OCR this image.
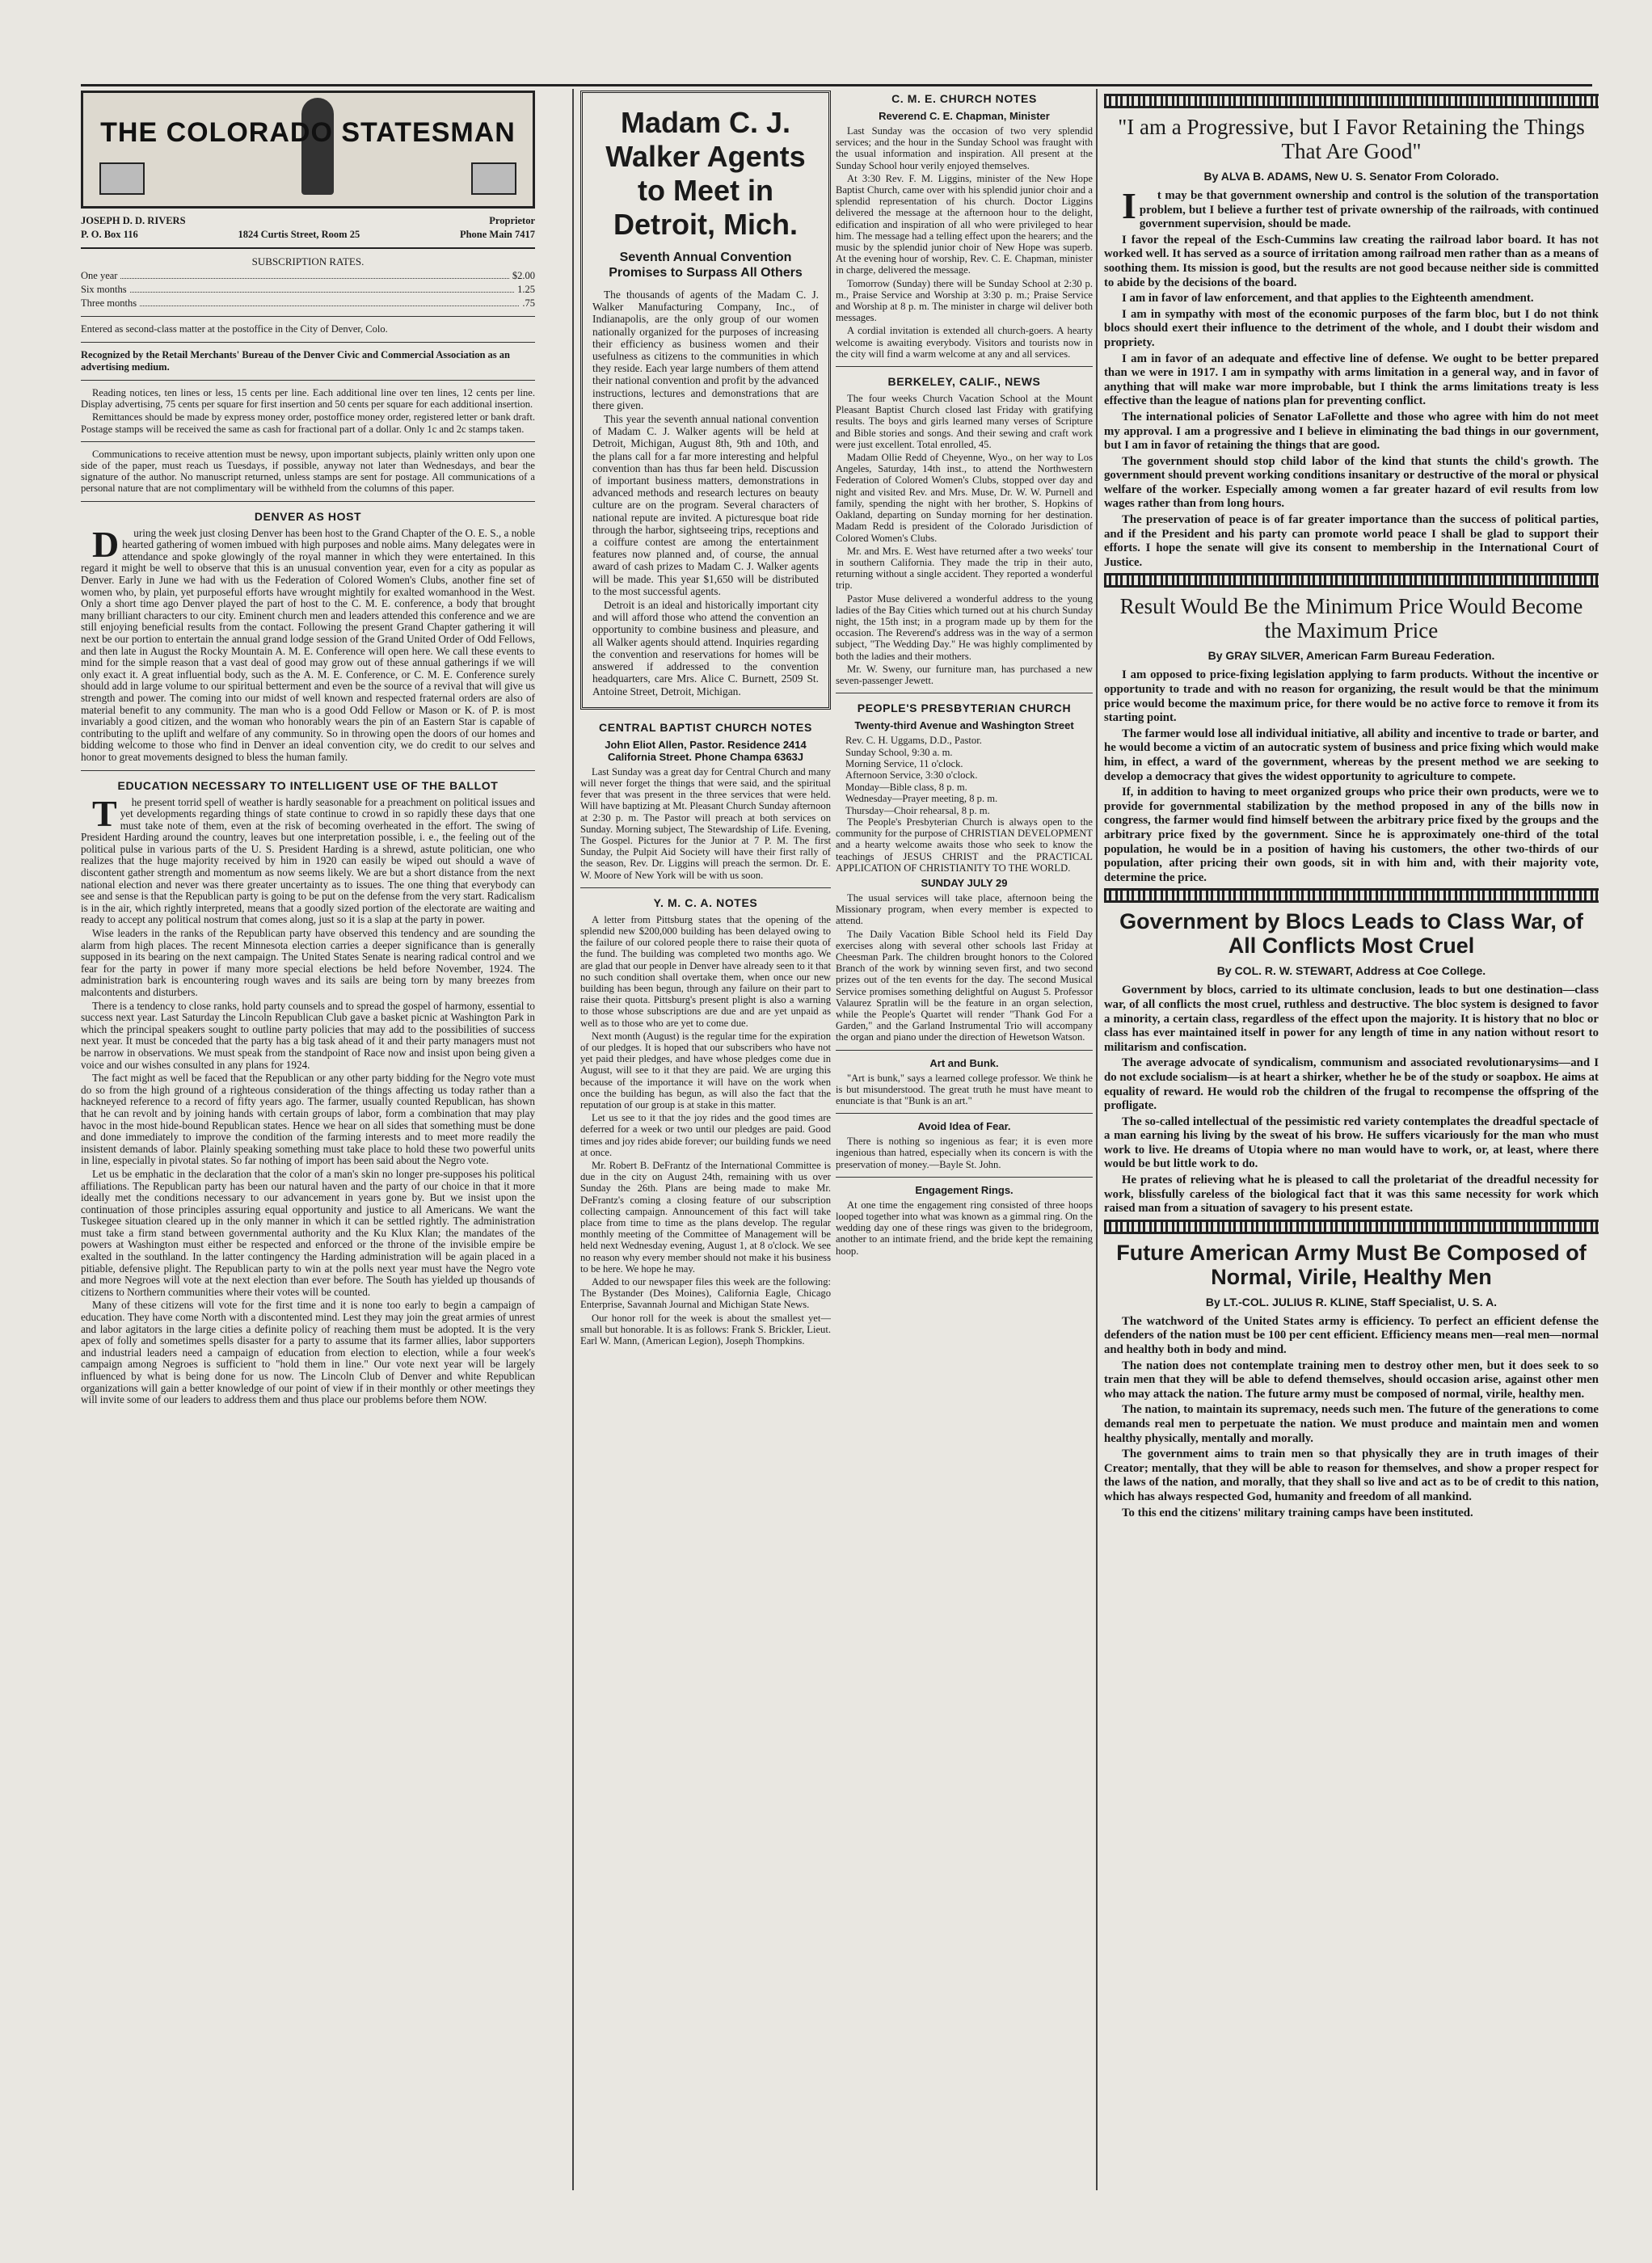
THE COLORADO STATESMAN
JOSEPH D. D. RIVERS	Proprietor
P. O. Box 116	1824 Curtis Street, Room 25	Phone Main 7417
SUBSCRIPTION RATES.
One year	$2.00
Six months	1.25
Three months	.75
Entered as second-class matter at the postoffice in the City of Denver, Colo.
Recognized by the Retail Merchants' Bureau of the Denver Civic and Commercial Association as an advertising medium.

Reading notices, ten lines or less, 15 cents per line. Each additional line over ten lines, 12 cents per line. Display advertising, 75 cents per square for first insertion and 50 cents per square for each additional insertion.

Remittances should be made by express money order, postoffice money order, registered letter or bank draft. Postage stamps will be received the same as cash for fractional part of a dollar. Only 1c and 2c stamps taken.

Communications to receive attention must be newsy, upon important subjects, plainly written only upon one side of the paper, must reach us Tuesdays, if possible, anyway not later than Wednesdays, and bear the signature of the author. No manuscript returned, unless stamps are sent for postage. All communications of a personal nature that are not complimentary will be withheld from the columns of this paper.

DENVER AS HOST

During the week just closing Denver has been host to the Grand Chapter of the O. E. S., a noble hearted gathering of women imbued with high purposes and noble aims. Many delegates were in attendance and spoke glowingly of the royal manner in which they were entertained. In this regard it might be well to observe that this is an unusual convention year, even for a city as popular as Denver. Early in June we had with us the Federation of Colored Women's Clubs, another fine set of women who, by plain, yet purposeful efforts have wrought mightily for exalted womanhood in the West. Only a short time ago Denver played the part of host to the C. M. E. conference, a body that brought many brilliant characters to our city. Eminent church men and leaders attended this conference and we are still enjoying beneficial results from the contact. Following the present Grand Chapter gathering it will next be our portion to entertain the annual grand lodge session of the Grand United Order of Odd Fellows, and then late in August the Rocky Mountain A. M. E. Conference will open here. We call these events to mind for the simple reason that a vast deal of good may grow out of these annual gatherings if we will only exact it. A great influential body, such as the A. M. E. Conference, or C. M. E. Conference surely should add in large volume to our spiritual betterment and even be the source of a revival that will give us strength and power. The coming into our midst of well known and respected fraternal orders are also of material benefit to any community. The man who is a good Odd Fellow or Mason or K. of P. is most invariably a good citizen, and the woman who honorably wears the pin of an Eastern Star is capable of contributing to the uplift and welfare of any community. So in throwing open the doors of our homes and bidding welcome to those who find in Denver an ideal convention city, we do credit to our selves and honor to great movements designed to bless the human family.

EDUCATION NECESSARY TO INTELLIGENT USE OF THE BALLOT

The present torrid spell of weather is hardly seasonable for a preachment on political issues and yet developments regarding things of state continue to crowd in so rapidly these days that one must take note of them, even at the risk of becoming overheated in the effort. The swing of President Harding around the country, leaves but one interpretation possible, i. e., the feeling out of the political pulse in various parts of the U. S. President Harding is a shrewd, astute politician, one who realizes that the huge majority received by him in 1920 can easily be wiped out should a wave of discontent gather strength and momentum as now seems likely. We are but a short distance from the next national election and never was there greater uncertainty as to issues. The one thing that everybody can see and sense is that the Republican party is going to be put on the defense from the very start. Radicalism is in the air, which rightly interpreted, means that a goodly sized portion of the electorate are waiting and ready to accept any political nostrum that comes along, just so it is a slap at the party in power.

Wise leaders in the ranks of the Republican party have observed this tendency and are sounding the alarm from high places. The recent Minnesota election carries a deeper significance than is generally supposed in its bearing on the next campaign. The United States Senate is nearing radical control and we fear for the party in power if many more special elections be held before November, 1924. The administration bark is encountering rough waves and its sails are being torn by many breezes from malcontents and disturbers.

There is a tendency to close ranks, hold party counsels and to spread the gospel of harmony, essential to success next year. Last Saturday the Lincoln Republican Club gave a basket picnic at Washington Park in which the principal speakers sought to outline party policies that may add to the possibilities of success next year. It must be conceded that the party has a big task ahead of it and their party managers must not be narrow in observations. We must speak from the standpoint of Race now and insist upon being given a voice and our wishes consulted in any plans for 1924.

The fact might as well be faced that the Republican or any other party bidding for the Negro vote must do so from the high ground of a righteous consideration of the things affecting us today rather than a hackneyed reference to a record of fifty years ago. The farmer, usually counted Republican, has shown that he can revolt and by joining hands with certain groups of labor, form a combination that may play havoc in the most hide-bound Republican states. Hence we hear on all sides that something must be done and done immediately to improve the condition of the farming interests and to meet more readily the insistent demands of labor. Plainly speaking something must take place to hold these two powerful units in line, especially in pivotal states. So far nothing of import has been said about the Negro vote.

Let us be emphatic in the declaration that the color of a man's skin no longer pre-supposes his political affiliations. The Republican party has been our natural haven and the party of our choice in that it more ideally met the conditions necessary to our advancement in years gone by. But we insist upon the continuation of those principles assuring equal opportunity and justice to all Americans. We want the Tuskegee situation cleared up in the only manner in which it can be settled rightly. The administration must take a firm stand between governmental authority and the Ku Klux Klan; the mandates of the powers at Washington must either be respected and enforced or the throne of the invisible empire be exalted in the southland. In the latter contingency the Harding administration will be again placed in a pitiable, defensive plight. The Republican party to win at the polls next year must have the Negro vote and more Negroes will vote at the next election than ever before. The South has yielded up thousands of citizens to Northern communities where their votes will be counted.

Many of these citizens will vote for the first time and it is none too early to begin a campaign of education. They have come North with a discontented mind. Lest they may join the great armies of unrest and labor agitators in the large cities a definite policy of reaching them must be adopted. It is the very apex of folly and sometimes spells disaster for a party to assume that its farmer allies, labor supporters and industrial leaders need a campaign of education from election to election, while a four week's campaign among Negroes is sufficient to "hold them in line." Our vote next year will be largely influenced by what is being done for us now. The Lincoln Club of Denver and white Republican organizations will gain a better knowledge of our point of view if in their monthly or other meetings they will invite some of our leaders to address them and thus place our problems before them NOW.

Madam C. J. Walker Agents to Meet in Detroit, Mich.
Seventh Annual Convention Promises to Surpass All Others

The thousands of agents of the Madam C. J. Walker Manufacturing Company, Inc., of Indianapolis, are the only group of our women nationally organized for the purposes of increasing their efficiency as business women and their usefulness as citizens to the communities in which they reside. Each year large numbers of them attend their national convention and profit by the advanced instructions, lectures and demonstrations that are there given.

This year the seventh annual national convention of Madam C. J. Walker agents will be held at Detroit, Michigan, August 8th, 9th and 10th, and the plans call for a far more interesting and helpful convention than has thus far been held. Discussion of important business matters, demonstrations in advanced methods and research lectures on beauty culture are on the program. Several characters of national repute are invited. A picturesque boat ride through the harbor, sightseeing trips, receptions and a coiffure contest are among the entertainment features now planned and, of course, the annual award of cash prizes to Madam C. J. Walker agents will be made. This year $1,650 will be distributed to the most successful agents.

Detroit is an ideal and historically important city and will afford those who attend the convention an opportunity to combine business and pleasure, and all Walker agents should attend. Inquiries regarding the convention and reservations for homes will be answered if addressed to the convention headquarters, care Mrs. Alice C. Burnett, 2509 St. Antoine Street, Detroit, Michigan.

CENTRAL BAPTIST CHURCH NOTES
John Eliot Allen, Pastor. Residence 2414 California Street. Phone Champa 6363J

Last Sunday was a great day for Central Church and many will never forget the things that were said, and the spiritual fever that was present in the three services that were held. Will have baptizing at Mt. Pleasant Church Sunday afternoon at 2:30 p. m. The Pastor will preach at both services on Sunday. Morning subject, The Stewardship of Life. Evening, The Gospel. Pictures for the Junior at 7 P. M. The first Sunday, the Pulpit Aid Society will have their first rally of the season, Rev. Dr. Liggins will preach the sermon. Dr. E. W. Moore of New York will be with us soon.

Y. M. C. A. NOTES

A letter from Pittsburg states that the opening of the splendid new $200,000 building has been delayed owing to the failure of our colored people there to raise their quota of the fund. The building was completed two months ago. We are glad that our people in Denver have already seen to it that no such condition shall overtake them, when once our new building has been begun, through any failure on their part to raise their quota. Pittsburg's present plight is also a warning to those whose subscriptions are due and are yet unpaid as well as to those who are yet to come due.

Next month (August) is the regular time for the expiration of our pledges. It is hoped that our subscribers who have not yet paid their pledges, and have whose pledges come due in August, will see to it that they are paid. We are urging this because of the importance it will have on the work when once the building has begun, as will also the fact that the reputation of our group is at stake in this matter.

Let us see to it that the joy rides and the good times are deferred for a week or two until our pledges are paid. Good times and joy rides abide forever; our building funds we need at once.

Mr. Robert B. DeFrantz of the International Committee is due in the city on August 24th, remaining with us over Sunday the 26th. Plans are being made to make Mr. DeFrantz's coming a closing feature of our subscription collecting campaign. Announcement of this fact will take place from time to time as the plans develop. The regular monthly meeting of the Committee of Management will be held next Wednesday evening, August 1, at 8 o'clock. We see no reason why every member should not make it his business to be here. We hope he may.

Added to our newspaper files this week are the following: The Bystander (Des Moines), California Eagle, Chicago Enterprise, Savannah Journal and Michigan State News.

Our honor roll for the week is about the smallest yet—small but honorable. It is as follows: Frank S. Brickler, Lieut. Earl W. Mann, (American Legion), Joseph Thompkins.

C. M. E. CHURCH NOTES
Reverend C. E. Chapman, Minister

Last Sunday was the occasion of two very splendid services; and the hour in the Sunday School was fraught with the usual information and inspiration. All present at the Sunday School hour verily enjoyed themselves.

At 3:30 Rev. F. M. Liggins, minister of the New Hope Baptist Church, came over with his splendid junior choir and a splendid representation of his church. Doctor Liggins delivered the message at the afternoon hour to the delight, edification and inspiration of all who were privileged to hear him. The message had a telling effect upon the hearers; and the music by the splendid junior choir of New Hope was superb. At the evening hour of worship, Rev. C. E. Chapman, minister in charge, delivered the message.

Tomorrow (Sunday) there will be Sunday School at 2:30 p. m., Praise Service and Worship at 3:30 p. m.; Praise Service and Worship at 8 p. m. The minister in charge wil deliver both messages.

A cordial invitation is extended all church-goers. A hearty welcome is awaiting everybody. Visitors and tourists now in the city will find a warm welcome at any and all services.

BERKELEY, CALIF., NEWS

The four weeks Church Vacation School at the Mount Pleasant Baptist Church closed last Friday with gratifying results. The boys and girls learned many verses of Scripture and Bible stories and songs. And their sewing and craft work were just excellent. Total enrolled, 45.

Madam Ollie Redd of Cheyenne, Wyo., on her way to Los Angeles, Saturday, 14th inst., to attend the Northwestern Federation of Colored Women's Clubs, stopped over day and night and visited Rev. and Mrs. Muse, Dr. W. W. Purnell and family, spending the night with her brother, S. Hopkins of Oakland, departing on Sunday morning for her destination. Madam Redd is president of the Colorado Jurisdiction of Colored Women's Clubs.

Mr. and Mrs. E. West have returned after a two weeks' tour in southern California. They made the trip in their auto, returning without a single accident. They reported a wonderful trip.

Pastor Muse delivered a wonderful address to the young ladies of the Bay Cities which turned out at his church Sunday night, the 15th inst; in a program made up by them for the occasion. The Reverend's address was in the way of a sermon subject, "The Wedding Day." He was highly complimented by both the ladies and their mothers.

Mr. W. Sweny, our furniture man, has purchased a new seven-passenger Jewett.

PEOPLE'S PRESBYTERIAN CHURCH
Twenty-third Avenue and Washington Street
Rev. C. H. Uggams, D.D., Pastor.
Sunday School, 9:30 a. m.
Morning Service, 11 o'clock.
Afternoon Service, 3:30 o'clock.
Monday—Bible class, 8 p. m.
Wednesday—Prayer meeting, 8 p. m.
Thursday—Choir rehearsal, 8 p. m.

The People's Presbyterian Church is always open to the community for the purpose of CHRISTIAN DEVELOPMENT and a hearty welcome awaits those who seek to know the teachings of JESUS CHRIST and the PRACTICAL APPLICATION OF CHRISTIANITY TO THE WORLD.

SUNDAY JULY 29

The usual services will take place, afternoon being the Missionary program, when every member is expected to attend.

The Daily Vacation Bible School held its Field Day exercises along with several other schools last Friday at Cheesman Park. The children brought honors to the Colored Branch of the work by winning seven first, and two second prizes out of the ten events for the day. The second Musical Service promises something delightful on August 5. Professor Valaurez Spratlin will be the feature in an organ selection, while the People's Quartet will render "Thank God For a Garden," and the Garland Instrumental Trio will accompany the organ and piano under the direction of Hewetson Watson.

Art and Bunk.

"Art is bunk," says a learned college professor. We think he is but misunderstood. The great truth he must have meant to enunciate is that "Bunk is an art."

Avoid Idea of Fear.

There is nothing so ingenious as fear; it is even more ingenious than hatred, especially when its concern is with the preservation of money.—Bayle St. John.

Engagement Rings.

At one time the engagement ring consisted of three hoops looped together into what was known as a gimmal ring. On the wedding day one of these rings was given to the bridegroom, another to an intimate friend, and the bride kept the remaining hoop.

"I am a Progressive, but I Favor Retaining the Things That Are Good"
By ALVA B. ADAMS, New U. S. Senator From Colorado.

It may be that government ownership and control is the solution of the transportation problem, but I believe a further test of private ownership of the railroads, with continued government supervision, should be made.

I favor the repeal of the Esch-Cummins law creating the railroad labor board. It has not worked well. It has served as a source of irritation among railroad men rather than as a means of soothing them. Its mission is good, but the results are not good because neither side is committed to abide by the decisions of the board.

I am in favor of law enforcement, and that applies to the Eighteenth amendment.

I am in sympathy with most of the economic purposes of the farm bloc, but I do not think blocs should exert their influence to the detriment of the whole, and I doubt their wisdom and propriety.

I am in favor of an adequate and effective line of defense. We ought to be better prepared than we were in 1917. I am in sympathy with arms limitation in a general way, and in favor of anything that will make war more improbable, but I think the arms limitations treaty is less effective than the league of nations plan for preventing conflict.

The international policies of Senator LaFollette and those who agree with him do not meet my approval. I am a progressive and I believe in eliminating the bad things in our government, but I am in favor of retaining the things that are good.

The government should stop child labor of the kind that stunts the child's growth. The government should prevent working conditions insanitary or destructive of the moral or physical welfare of the worker. Especially among women a far greater hazard of evil results from low wages rather than from long hours.

The preservation of peace is of far greater importance than the success of political parties, and if the President and his party can promote world peace I shall be glad to support their efforts. I hope the senate will give its consent to membership in the International Court of Justice.

Result Would Be the Minimum Price Would Become the Maximum Price
By GRAY SILVER, American Farm Bureau Federation.

I am opposed to price-fixing legislation applying to farm products. Without the incentive or opportunity to trade and with no reason for organizing, the result would be that the minimum price would become the maximum price, for there would be no active force to remove it from its starting point.

The farmer would lose all individual initiative, all ability and incentive to trade or barter, and he would become a victim of an autocratic system of business and price fixing which would make him, in effect, a ward of the government, whereas by the present method we are seeking to develop a democracy that gives the widest opportunity to agriculture to compete.

If, in addition to having to meet organized groups who price their own products, were we to provide for governmental stabilization by the method proposed in any of the bills now in congress, the farmer would find himself between the arbitrary price fixed by the groups and the arbitrary price fixed by the government. Since he is approximately one-third of the total population, he would be in a position of having his customers, the other two-thirds of our population, after pricing their own goods, sit in with him and, with their majority vote, determine the price.

Government by Blocs Leads to Class War, of All Conflicts Most Cruel
By COL. R. W. STEWART, Address at Coe College.

Government by blocs, carried to its ultimate conclusion, leads to but one destination—class war, of all conflicts the most cruel, ruthless and destructive. The bloc system is designed to favor a minority, a certain class, regardless of the effect upon the majority. It is history that no bloc or class has ever maintained itself in power for any length of time in any nation without resort to militarism and confiscation.

The average advocate of syndicalism, communism and associated revolutionarysims—and I do not exclude socialism—is at heart a shirker, whether he be of the study or soapbox. He aims at equality of reward. He would rob the children of the frugal to recompense the offspring of the profligate.

The so-called intellectual of the pessimistic red variety contemplates the dreadful spectacle of a man earning his living by the sweat of his brow. He suffers vicariously for the man who must work to live. He dreams of Utopia where no man would have to work, or, at least, where there would be but little work to do.

He prates of relieving what he is pleased to call the proletariat of the dreadful necessity for work, blissfully careless of the biological fact that it was this same necessity for work which raised man from a situation of savagery to his present estate.

Future American Army Must Be Composed of Normal, Virile, Healthy Men
By LT.-COL. JULIUS R. KLINE, Staff Specialist, U. S. A.

The watchword of the United States army is efficiency. To perfect an efficient defense the defenders of the nation must be 100 per cent efficient. Efficiency means men—real men—normal and healthy both in body and mind.

The nation does not contemplate training men to destroy other men, but it does seek to so train men that they will be able to defend themselves, should occasion arise, against other men who may attack the nation. The future army must be composed of normal, virile, healthy men.

The nation, to maintain its supremacy, needs such men. The future of the generations to come demands real men to perpetuate the nation. We must produce and maintain men and women healthy physically, mentally and morally.

The government aims to train men so that physically they are in truth images of their Creator; mentally, that they will be able to reason for themselves, and show a proper respect for the laws of the nation, and morally, that they shall so live and act as to be of credit to this nation, which has always respected God, humanity and freedom of all mankind.

To this end the citizens' military training camps have been instituted.
